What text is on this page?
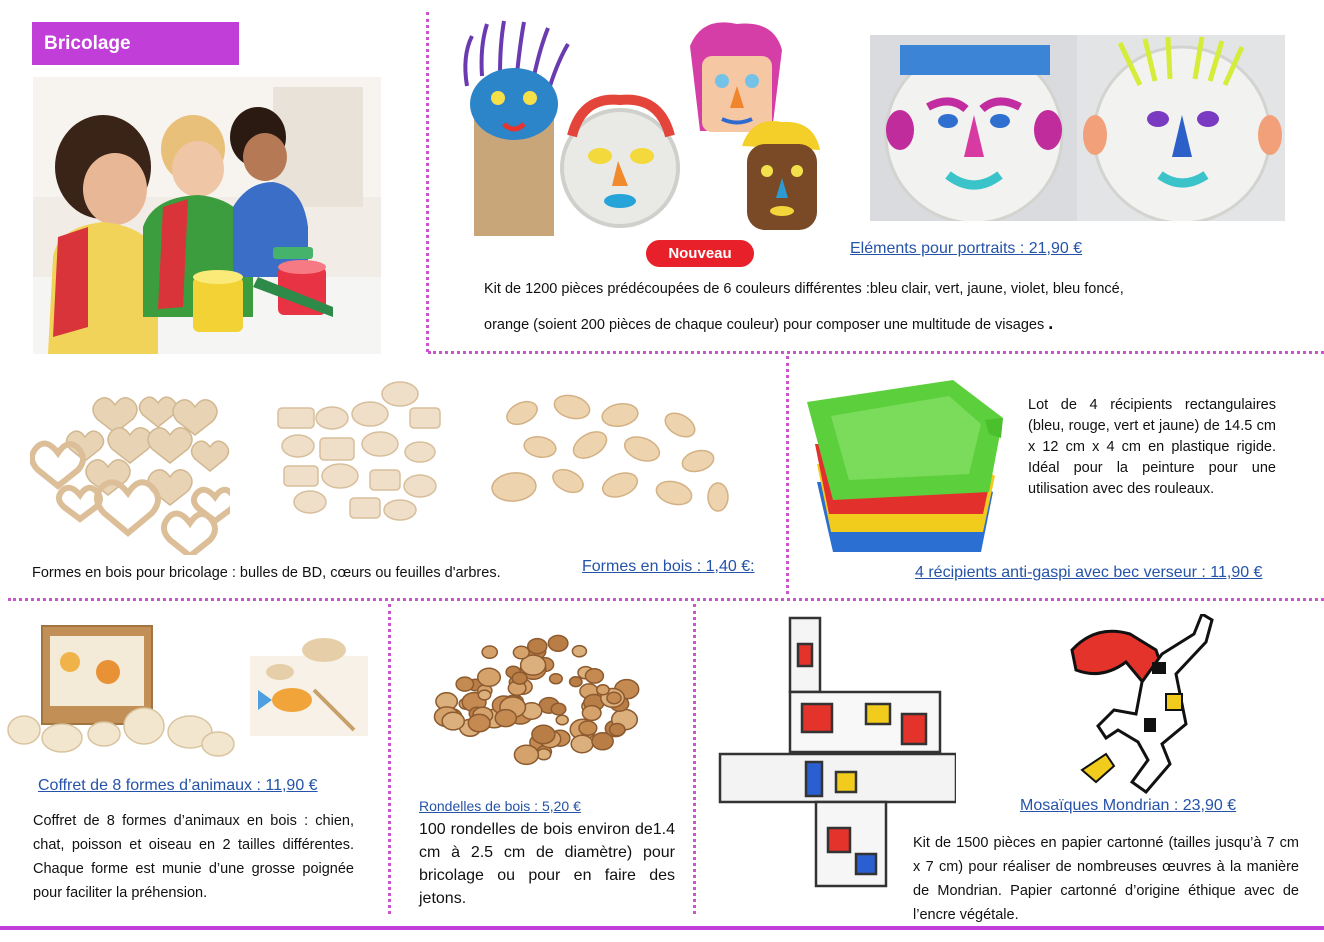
Bricolage
Nouveau	Eléments pour portraits : 21,90 €
Kit de 1200 pièces prédécoupées de 6 couleurs différentes :bleu clair, vert, jaune, violet, bleu foncé,
orange (soient 200 pièces de chaque couleur) pour composer une multitude de visages .
Formes en bois pour bricolage : bulles de BD, cœurs ou feuilles d'arbres.	Formes en bois : 1,40 €:
Lot de 4 récipients rectangulaires (bleu, rouge, vert et jaune) de 14.5 cm x 12 cm x 4 cm en plastique rigide. Idéal pour la peinture pour une utilisation avec des rouleaux.
4 récipients anti-gaspi avec bec verseur : 11,90 €
Coffret de 8 formes d’animaux : 11,90 €
Coffret de 8 formes d’animaux en bois : chien, chat, poisson et oiseau en 2 tailles différentes. Chaque forme est munie d’une grosse poignée pour faciliter la préhension.
Rondelles de bois : 5,20 €
100 rondelles de bois environ de1.4 cm à 2.5 cm de diamètre) pour bricolage ou pour en faire des jetons.
Mosaïques Mondrian : 23,90 €
Kit de 1500 pièces en papier cartonné (tailles jusqu’à 7 cm x 7 cm) pour réaliser de nombreuses œuvres à la manière de Mondrian. Papier cartonné d’origine éthique avec de l’encre végétale.
